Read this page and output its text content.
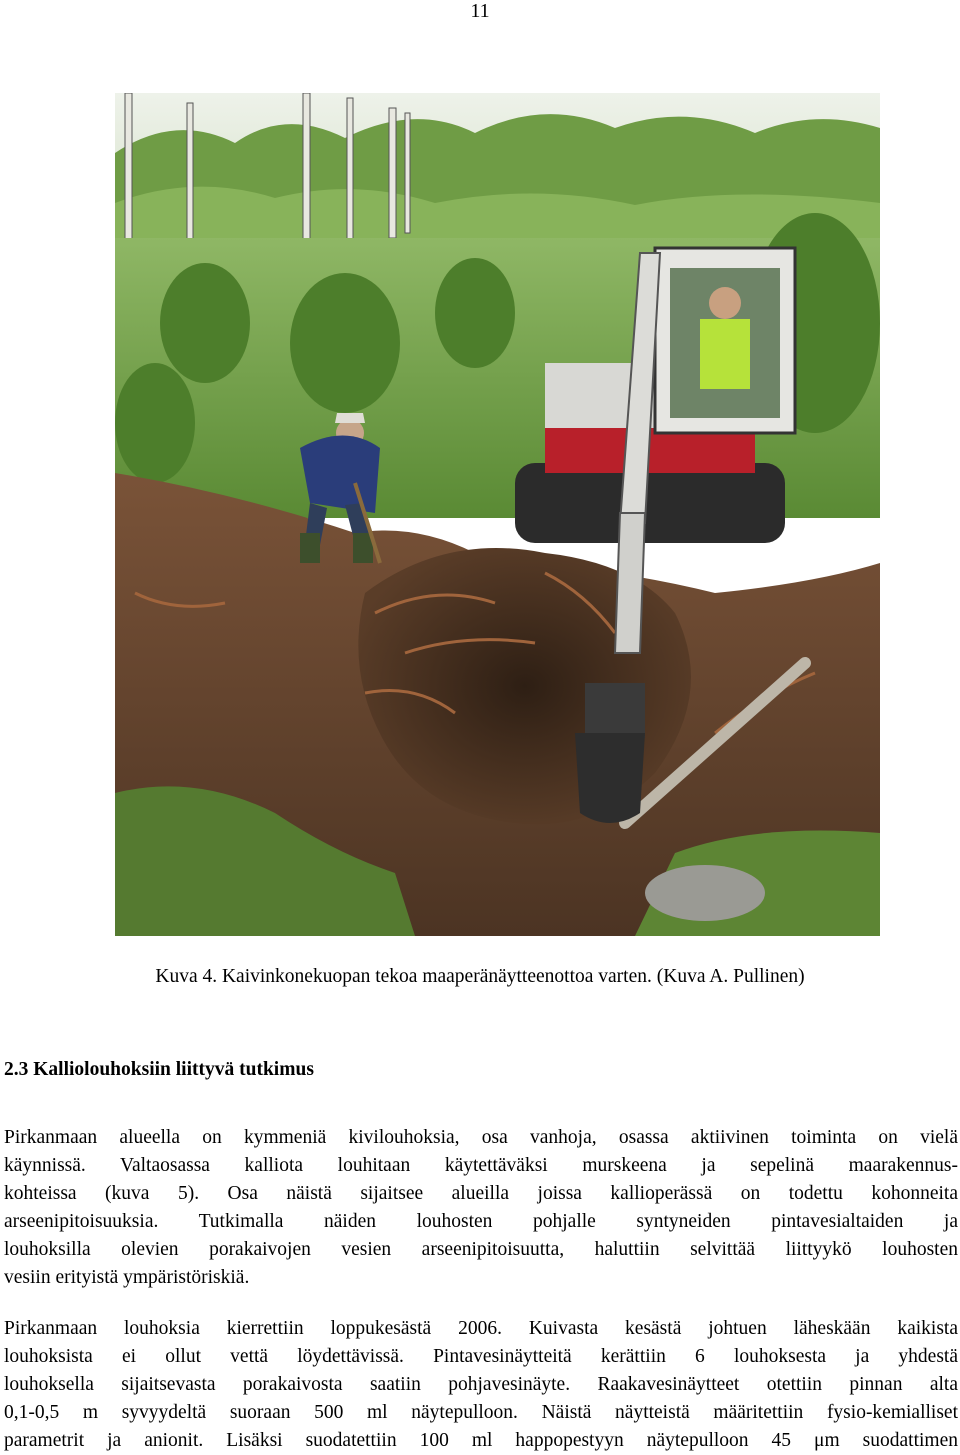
11
Kuva 4. Kaivinkonekuopan tekoa maaperänäytteenottoa varten. (Kuva A. Pullinen)
2.3 Kalliolouhoksiin liittyvä tutkimus
Pirkanmaan alueella on kymmeniä kivilouhoksia, osa vanhoja, osassa aktiivinen toiminta on vielä
käynnissä. Valtaosassa kalliota louhitaan käytettäväksi murskeena ja sepelinä maarakennus-
kohteissa (kuva 5). Osa näistä sijaitsee alueilla joissa kallioperässä on todettu kohonneita
arseenipitoisuuksia. Tutkimalla näiden louhosten pohjalle syntyneiden pintavesialtaiden ja
louhoksilla olevien porakaivojen vesien arseenipitoisuutta, haluttiin selvittää liittyykö louhosten
vesiin erityistä ympäristöriskiä.
Pirkanmaan louhoksia kierrettiin loppukesästä 2006. Kuivasta kesästä johtuen läheskään kaikista
louhoksista ei ollut vettä löydettävissä. Pintavesinäytteitä kerättiin 6 louhoksesta ja yhdestä
louhoksella sijaitsevasta porakaivosta saatiin pohjavesinäyte. Raakavesinäytteet otettiin pinnan alta
0,1-0,5 m syvyydeltä suoraan 500 ml näytepulloon. Näistä näytteistä määritettiin fysio-kemialliset
parametrit ja anionit. Lisäksi suodatettiin 100 ml happopestyyn näytepulloon 45 μm suodattimen
